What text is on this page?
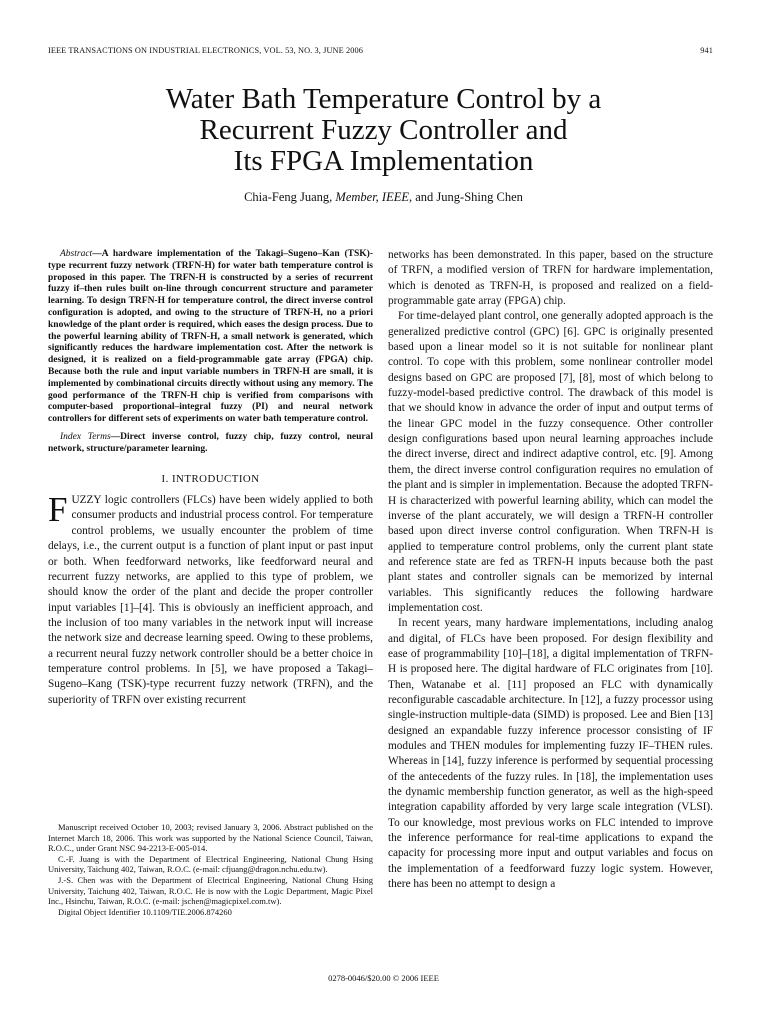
IEEE TRANSACTIONS ON INDUSTRIAL ELECTRONICS, VOL. 53, NO. 3, JUNE 2006	941
Water Bath Temperature Control by a
Recurrent Fuzzy Controller and
Its FPGA Implementation
Chia-Feng Juang, Member, IEEE, and Jung-Shing Chen

Abstract—A hardware implementation of the Takagi–Sugeno–Kan (TSK)-type recurrent fuzzy network (TRFN-H) for water bath temperature control is proposed in this paper. The TRFN-H is constructed by a series of recurrent fuzzy if–then rules built on-line through concurrent structure and parameter learning. To design TRFN-H for temperature control, the direct inverse control configuration is adopted, and owing to the structure of TRFN-H, no a priori knowledge of the plant order is required, which eases the design process. Due to the powerful learning ability of TRFN-H, a small network is generated, which significantly reduces the hardware implementation cost. After the network is designed, it is realized on a field-programmable gate array (FPGA) chip. Because both the rule and input variable numbers in TRFN-H are small, it is implemented by combinational circuits directly without using any memory. The good performance of the TRFN-H chip is verified from comparisons with computer-based proportional–integral fuzzy (PI) and neural network controllers for different sets of experiments on water bath temperature control.

Index Terms—Direct inverse control, fuzzy chip, fuzzy control, neural network, structure/parameter learning.

I. INTRODUCTION

FUZZY logic controllers (FLCs) have been widely applied to both consumer products and industrial process control. For temperature control problems, we usually encounter the problem of time delays, i.e., the current output is a function of plant input or past input or both. When feedforward networks, like feedforward neural and recurrent fuzzy networks, are applied to this type of problem, we should know the order of the plant and decide the proper controller input variables [1]–[4]. This is obviously an inefficient approach, and the inclusion of too many variables in the network input will increase the network size and decrease learning speed. Owing to these problems, a recurrent neural fuzzy network controller should be a better choice in temperature control problems. In [5], we have proposed a Takagi–Sugeno–Kang (TSK)-type recurrent fuzzy network (TRFN), and the superiority of TRFN over existing recurrent

Manuscript received October 10, 2003; revised January 3, 2006. Abstract published on the Internet March 18, 2006. This work was supported by the National Science Council, Taiwan, R.O.C., under Grant NSC 94-2213-E-005-014.

C.-F. Juang is with the Department of Electrical Engineering, National Chung Hsing University, Taichung 402, Taiwan, R.O.C. (e-mail: cfjuang@dragon.nchu.edu.tw).

J.-S. Chen was with the Department of Electrical Engineering, National Chung Hsing University, Taichung 402, Taiwan, R.O.C. He is now with the Logic Department, Magic Pixel Inc., Hsinchu, Taiwan, R.O.C. (e-mail: jschen@magicpixel.com.tw).

Digital Object Identifier 10.1109/TIE.2006.874260

networks has been demonstrated. In this paper, based on the structure of TRFN, a modified version of TRFN for hardware implementation, which is denoted as TRFN-H, is proposed and realized on a field-programmable gate array (FPGA) chip.

For time-delayed plant control, one generally adopted approach is the generalized predictive control (GPC) [6]. GPC is originally presented based upon a linear model so it is not suitable for nonlinear plant control. To cope with this problem, some nonlinear controller model designs based on GPC are proposed [7], [8], most of which belong to fuzzy-model-based predictive control. The drawback of this model is that we should know in advance the order of input and output terms of the linear GPC model in the fuzzy consequence. Other controller design configurations based upon neural learning approaches include the direct inverse, direct and indirect adaptive control, etc. [9]. Among them, the direct inverse control configuration requires no emulation of the plant and is simpler in implementation. Because the adopted TRFN-H is characterized with powerful learning ability, which can model the inverse of the plant accurately, we will design a TRFN-H controller based upon direct inverse control configuration. When TRFN-H is applied to temperature control problems, only the current plant state and reference state are fed as TRFN-H inputs because both the past plant states and controller signals can be memorized by internal variables. This significantly reduces the following hardware implementation cost.

In recent years, many hardware implementations, including analog and digital, of FLCs have been proposed. For design flexibility and ease of programmability [10]–[18], a digital implementation of TRFN-H is proposed here. The digital hardware of FLC originates from [10]. Then, Watanabe et al. [11] proposed an FLC with dynamically reconfigurable cascadable architecture. In [12], a fuzzy processor using single-instruction multiple-data (SIMD) is proposed. Lee and Bien [13] designed an expandable fuzzy inference processor consisting of IF modules and THEN modules for implementing fuzzy IF–THEN rules. Whereas in [14], fuzzy inference is performed by sequential processing of the antecedents of the fuzzy rules. In [18], the implementation uses the dynamic membership function generator, as well as the high-speed integration capability afforded by very large scale integration (VLSI). To our knowledge, most previous works on FLC intended to improve the inference performance for real-time applications to expand the capacity for processing more input and output variables and focus on the implementation of a feedforward fuzzy logic system. However, there has been no attempt to design a

0278-0046/$20.00 © 2006 IEEE
